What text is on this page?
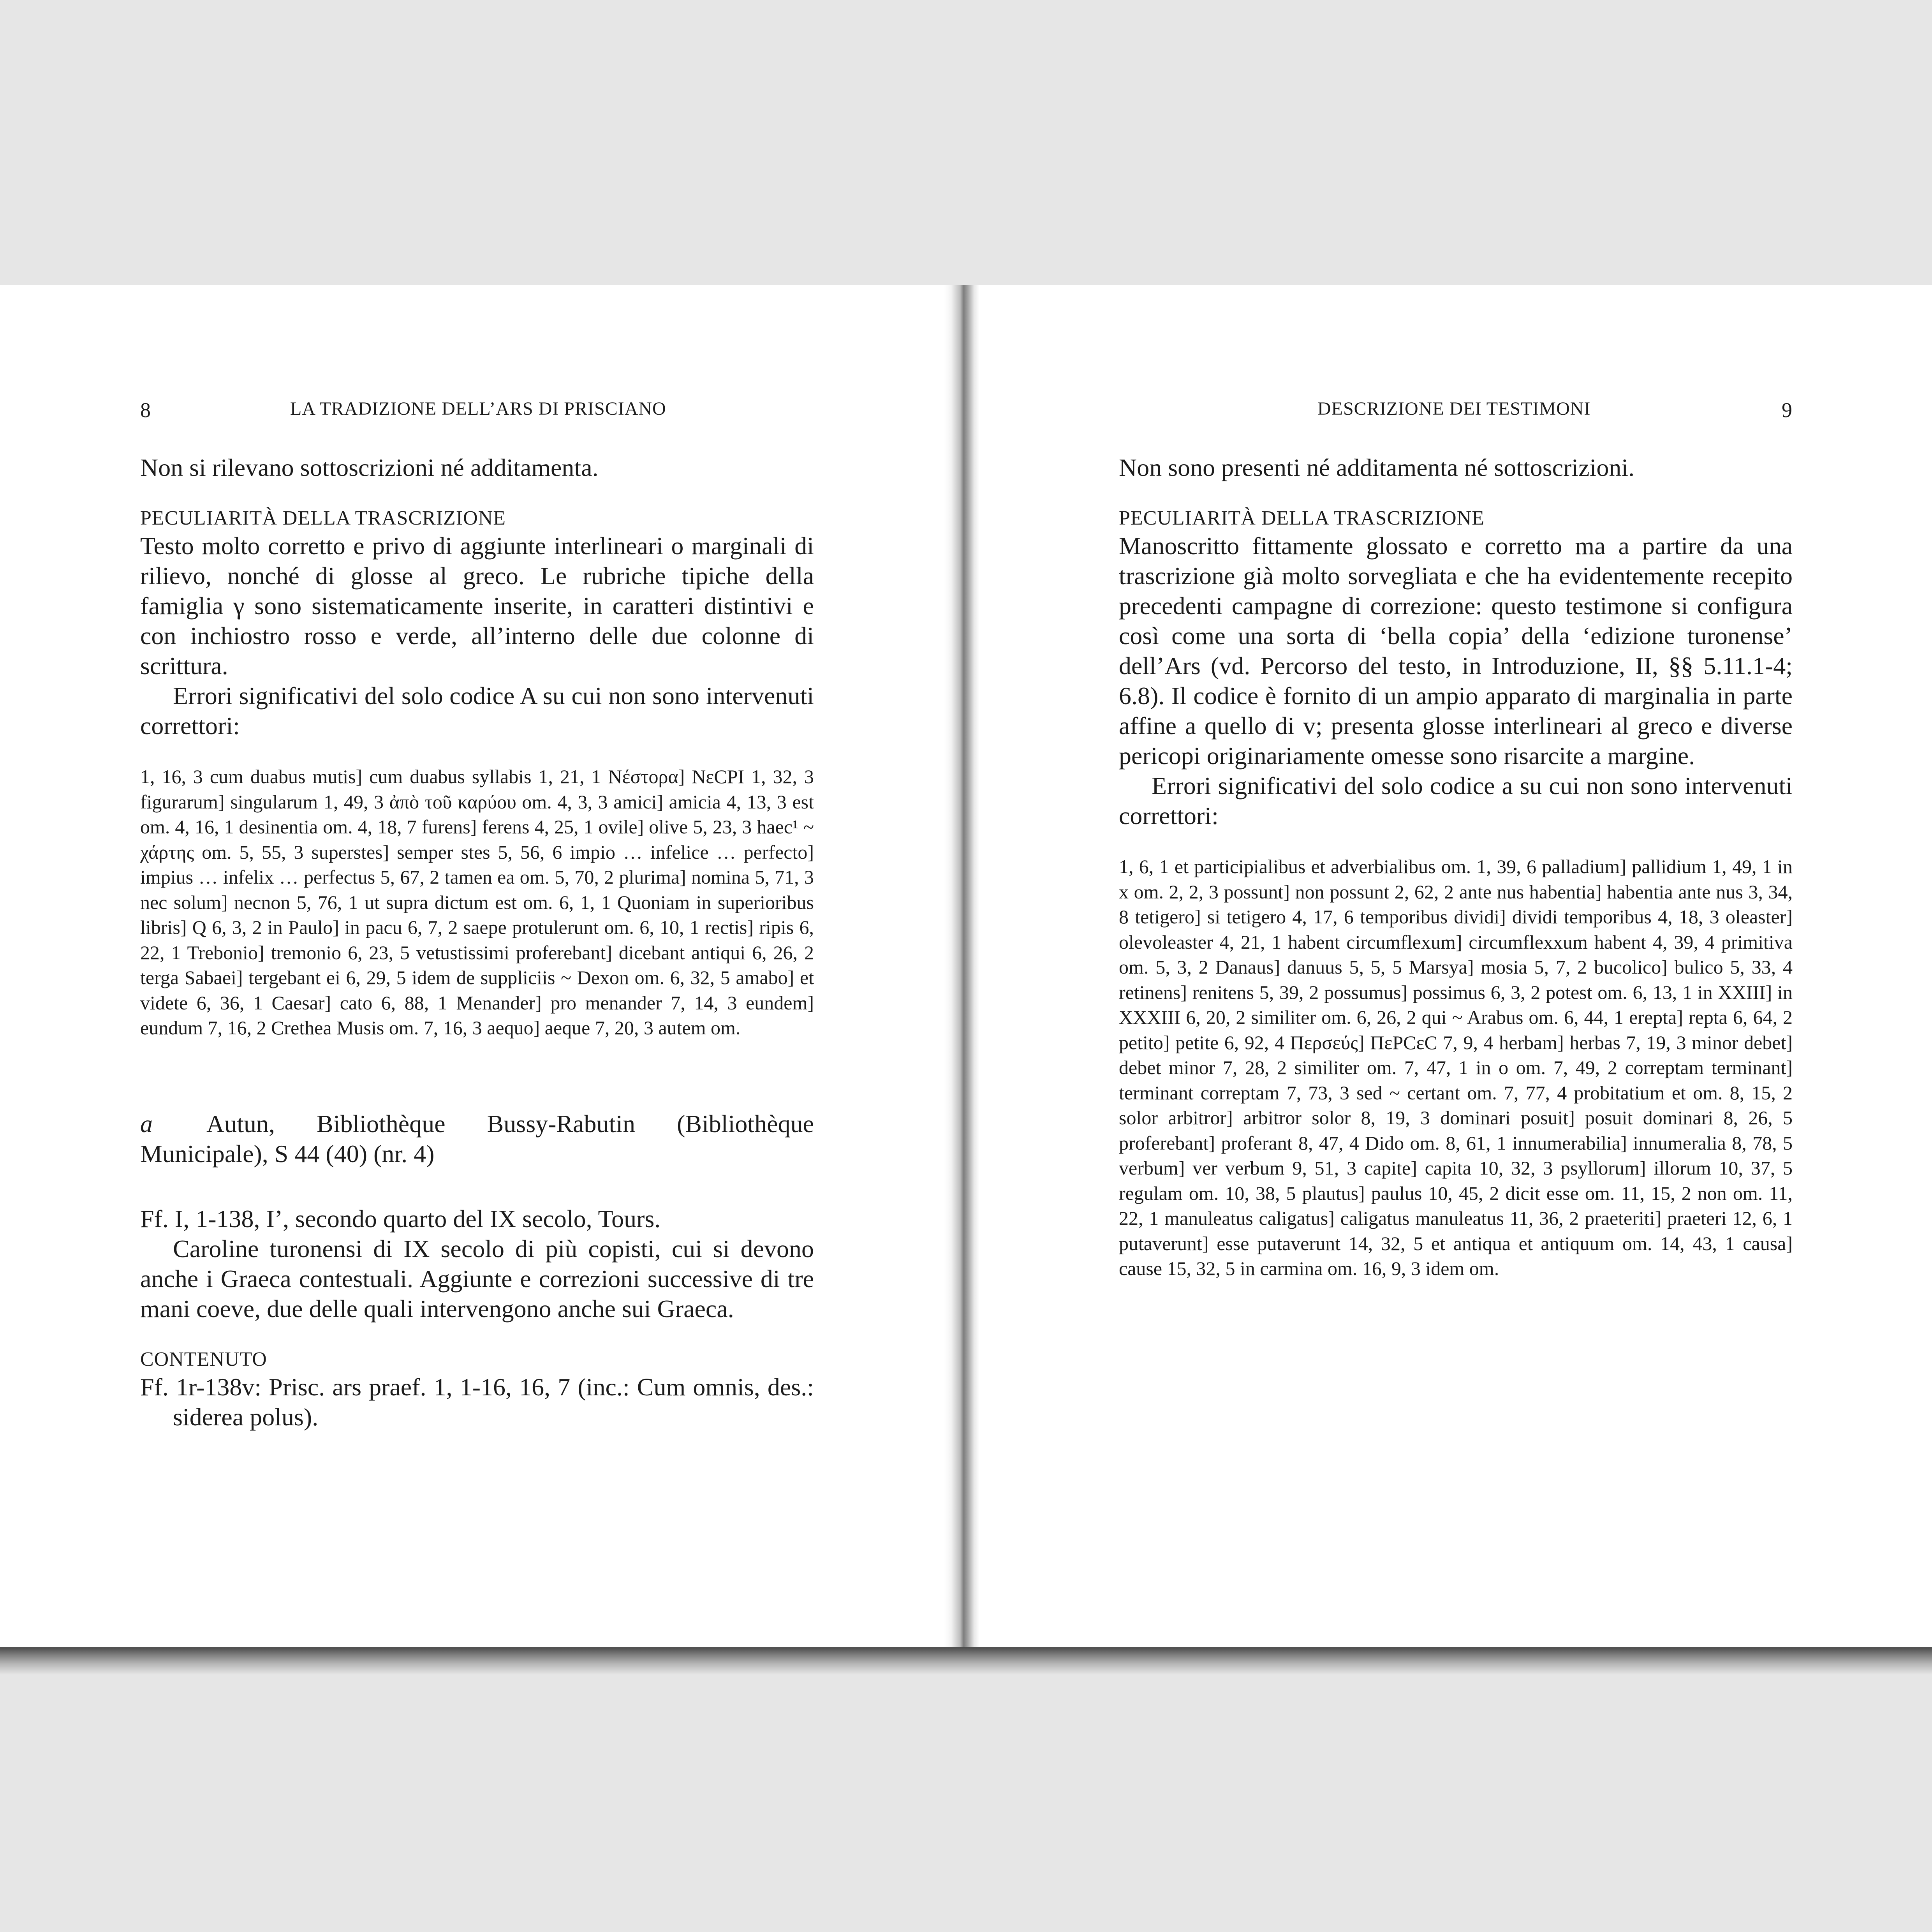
8	LA TRADIZIONE DELL’ARS DI PRISCIANO

Non si rilevano sottoscrizioni né additamenta.

PECULIARITÀ DELLA TRASCRIZIONE

Testo molto corretto e privo di aggiunte interlineari o marginali di rilievo, nonché di glosse al greco. Le rubriche tipiche della famiglia γ sono sistematicamente inserite, in caratteri distintivi e con inchiostro rosso e verde, all’interno delle due colonne di scrittura.

Errori significativi del solo codice A su cui non sono intervenuti correttori:

1, 16, 3 cum duabus mutis] cum duabus syllabis 1, 21, 1 Νέστορα] NεCPI 1, 32, 3 figurarum] singularum 1, 49, 3 ἀπὸ τοῦ καρύου om. 4, 3, 3 amici] amicia 4, 13, 3 est om. 4, 16, 1 desinentia om. 4, 18, 7 furens] ferens 4, 25, 1 ovile] olive 5, 23, 3 haec¹ ~ χάρτης om. 5, 55, 3 superstes] semper stes 5, 56, 6 impio … infelice … perfecto] impius … infelix … perfectus 5, 67, 2 tamen ea om. 5, 70, 2 plurima] nomina 5, 71, 3 nec solum] necnon 5, 76, 1 ut supra dictum est om. 6, 1, 1 Quoniam in superioribus libris] Q 6, 3, 2 in Paulo] in pacu 6, 7, 2 saepe protulerunt om. 6, 10, 1 rectis] ripis 6, 22, 1 Trebonio] tremonio 6, 23, 5 vetustissimi proferebant] dicebant antiqui 6, 26, 2 terga Sabaei] tergebant ei 6, 29, 5 idem de suppliciis ~ Dexon om. 6, 32, 5 amabo] et videte 6, 36, 1 Caesar] cato 6, 88, 1 Menander] pro menander 7, 14, 3 eundem] eundum 7, 16, 2 Crethea Musis om. 7, 16, 3 aequo] aeque 7, 20, 3 autem om.

a Autun, Bibliothèque Bussy-Rabutin (Bibliothèque Municipale), S 44 (40) (nr. 4)

Ff. I, 1-138, I’, secondo quarto del IX secolo, Tours.

Caroline turonensi di IX secolo di più copisti, cui si devono anche i Graeca contestuali. Aggiunte e correzioni successive di tre mani coeve, due delle quali intervengono anche sui Graeca.

CONTENUTO

Ff. 1r-138v: Prisc. ars praef. 1, 1-16, 16, 7 (inc.: Cum omnis, des.: siderea polus).

DESCRIZIONE DEI TESTIMONI	9

Non sono presenti né additamenta né sottoscrizioni.

PECULIARITÀ DELLA TRASCRIZIONE

Manoscritto fittamente glossato e corretto ma a partire da una trascrizione già molto sorvegliata e che ha evidentemente recepito precedenti campagne di correzione: questo testimone si configura così come una sorta di ‘bella copia’ della ‘edizione turonense’ dell’Ars (vd. Percorso del testo, in Introduzione, II, §§ 5.11.1-4; 6.8). Il codice è fornito di un ampio apparato di marginalia in parte affine a quello di v; presenta glosse interlineari al greco e diverse pericopi originariamente omesse sono risarcite a margine.

Errori significativi del solo codice a su cui non sono intervenuti correttori:

1, 6, 1 et participialibus et adverbialibus om. 1, 39, 6 palladium] pallidium 1, 49, 1 in x om. 2, 2, 3 possunt] non possunt 2, 62, 2 ante nus habentia] habentia ante nus 3, 34, 8 tetigero] si tetigero 4, 17, 6 temporibus dividi] dividi temporibus 4, 18, 3 oleaster] olevoleaster 4, 21, 1 habent circumflexum] circumflexxum habent 4, 39, 4 primitiva om. 5, 3, 2 Danaus] danuus 5, 5, 5 Marsya] mosia 5, 7, 2 bucolico] bulico 5, 33, 4 retinens] renitens 5, 39, 2 possumus] possimus 6, 3, 2 potest om. 6, 13, 1 in XXIII] in XXXIII 6, 20, 2 similiter om. 6, 26, 2 qui ~ Arabus om. 6, 44, 1 erepta] repta 6, 64, 2 petito] petite 6, 92, 4 Περσεύς] ΠεΡCεC 7, 9, 4 herbam] herbas 7, 19, 3 minor debet] debet minor 7, 28, 2 similiter om. 7, 47, 1 in o om. 7, 49, 2 correptam terminant] terminant correptam 7, 73, 3 sed ~ certant om. 7, 77, 4 probitatium et om. 8, 15, 2 solor arbitror] arbitror solor 8, 19, 3 dominari posuit] posuit dominari 8, 26, 5 proferebant] proferant 8, 47, 4 Dido om. 8, 61, 1 innumerabilia] innumeralia 8, 78, 5 verbum] ver verbum 9, 51, 3 capite] capita 10, 32, 3 psyllorum] illorum 10, 37, 5 regulam om. 10, 38, 5 plautus] paulus 10, 45, 2 dicit esse om. 11, 15, 2 non om. 11, 22, 1 manuleatus caligatus] caligatus manuleatus 11, 36, 2 praeteriti] praeteri 12, 6, 1 putaverunt] esse putaverunt 14, 32, 5 et antiqua et antiquum om. 14, 43, 1 causa] cause 15, 32, 5 in carmina om. 16, 9, 3 idem om.
